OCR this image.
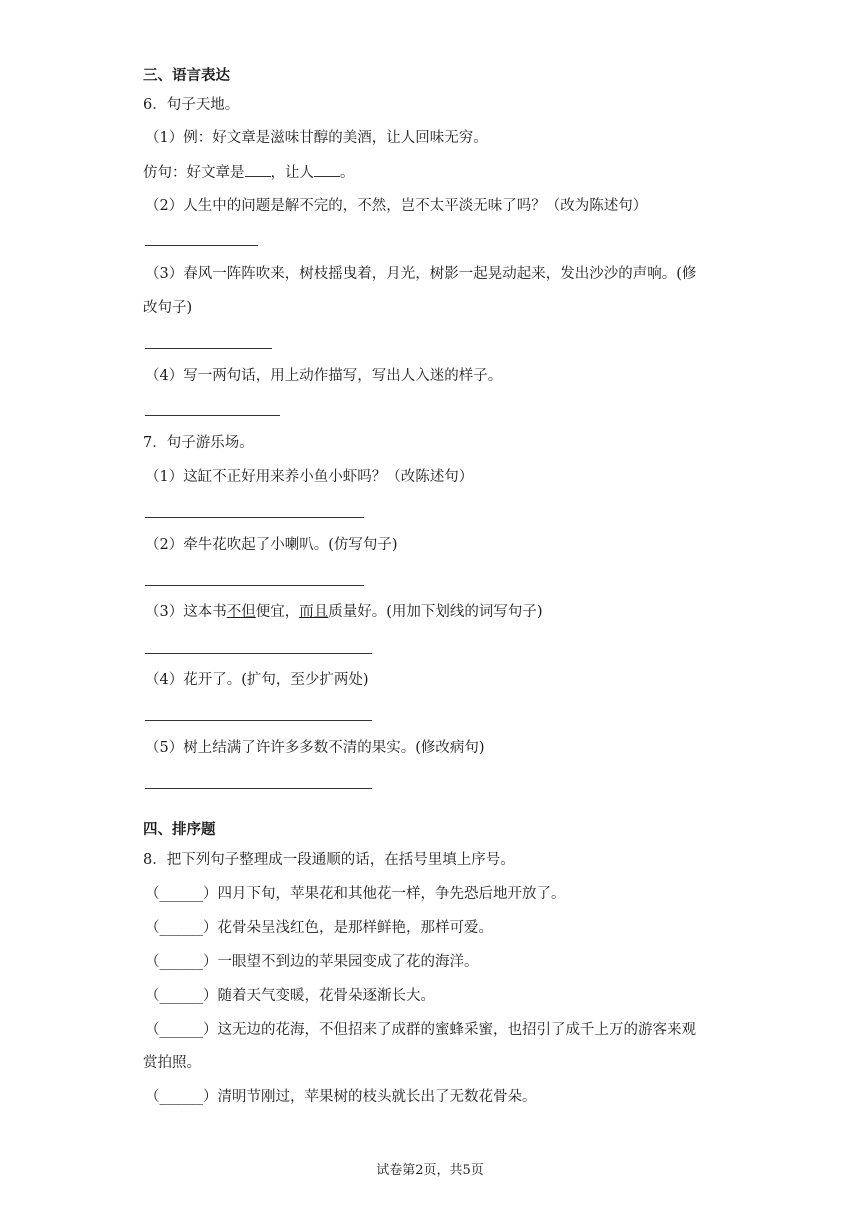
三、语言表达
6．句子天地。
（1）例：好文章是滋味甘醇的美酒，让人回味无穷。
仿句：好文章是 ，让人 。
（2）人生中的问题是解不完的，不然，岂不太平淡无味了吗？（改为陈述句）
（3）春风一阵阵吹来，树枝摇曳着，月光，树影一起晃动起来，发出沙沙的声响。(修
改句子)
（4）写一两句话，用上动作描写，写出人入迷的样子。
7．句子游乐场。
（1）这缸不正好用来养小鱼小虾吗？（改陈述句）
（2）牵牛花吹起了小喇叭。(仿写句子)
（3）这本书不但便宜，而且质量好。(用加下划线的词写句子)
（4）花开了。(扩句，至少扩两处)
（5）树上结满了许许多多数不清的果实。(修改病句)
四、排序题
8．把下列句子整理成一段通顺的话，在括号里填上序号。
（______）四月下旬，苹果花和其他花一样，争先恐后地开放了。
（______）花骨朵呈浅红色，是那样鲜艳，那样可爱。
（______）一眼望不到边的苹果园变成了花的海洋。
（______）随着天气变暖，花骨朵逐渐长大。
（______）这无边的花海，不但招来了成群的蜜蜂采蜜，也招引了成千上万的游客来观
赏拍照。
（______）清明节刚过，苹果树的枝头就长出了无数花骨朵。
试卷第2页，共5页
